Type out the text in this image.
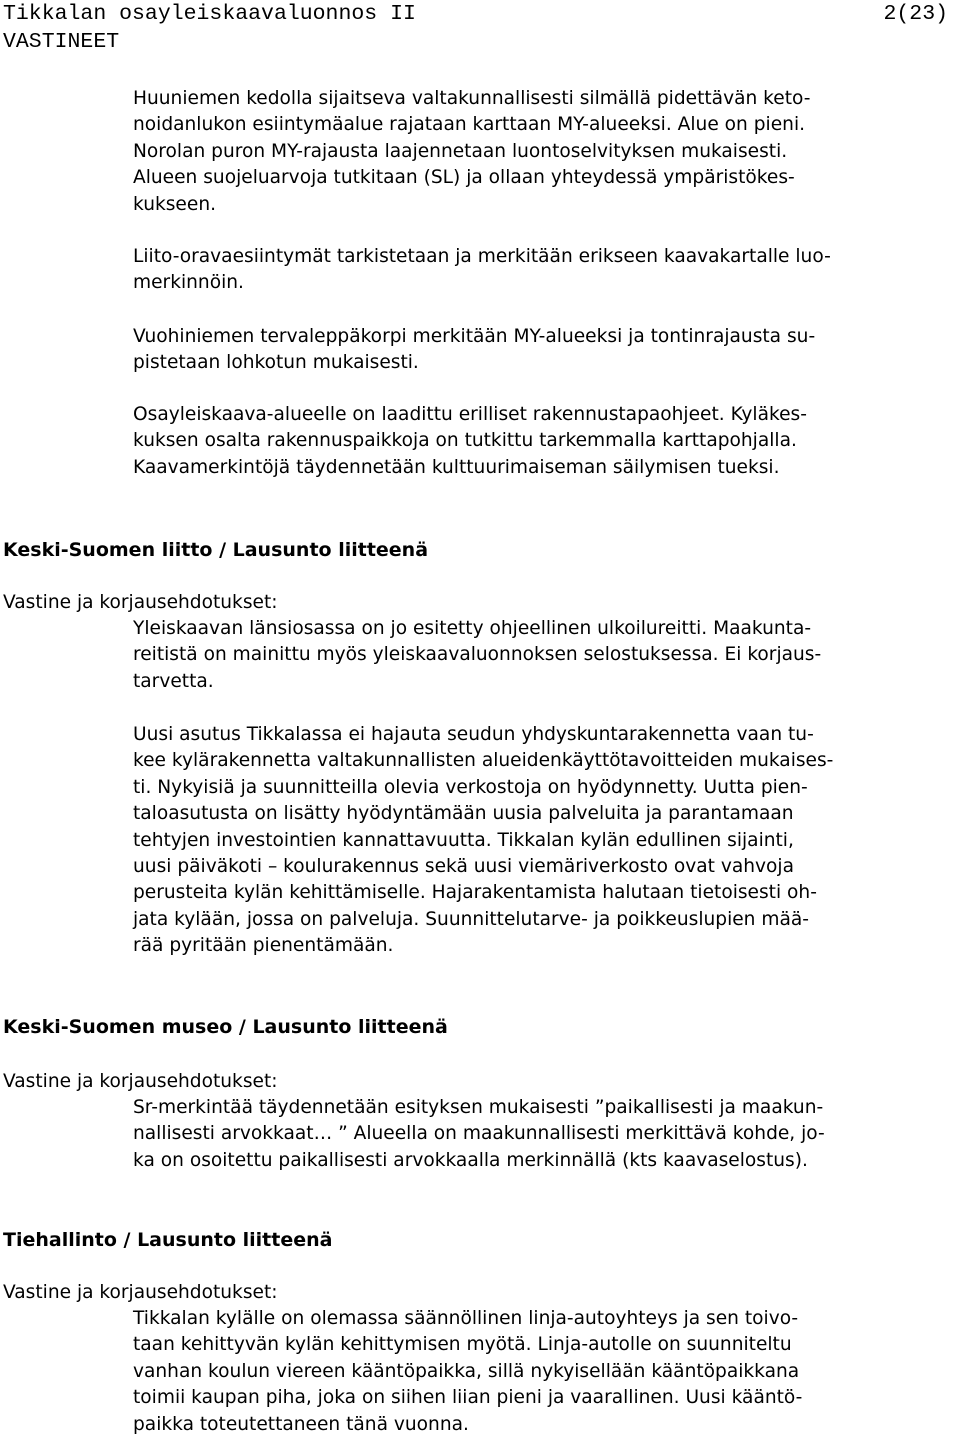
Tikkalan osayleiskaavaluonnos II	2(23)
VASTINEET
Huuniemen kedolla sijaitseva valtakunnallisesti silmällä pidettävän keto-
noidanlukon esiintymäalue rajataan karttaan MY-alueeksi. Alue on pieni.
Norolan puron MY-rajausta laajennetaan luontoselvityksen mukaisesti.
Alueen suojeluarvoja tutkitaan (SL) ja ollaan yhteydessä ympäristökes-
kukseen.
Liito-oravaesiintymät tarkistetaan ja merkitään erikseen kaavakartalle luo-
merkinnöin.
Vuohiniemen tervaleppäkorpi merkitään MY-alueeksi ja tontinrajausta su-
pistetaan lohkotun mukaisesti.
Osayleiskaava-alueelle on laadittu erilliset rakennustapaohjeet. Kyläkes-
kuksen osalta rakennuspaikkoja on tutkittu tarkemmalla karttapohjalla.
Kaavamerkintöjä täydennetään kulttuurimaiseman säilymisen tueksi.
Keski-Suomen liitto / Lausunto liitteenä
Vastine ja korjausehdotukset:
Yleiskaavan länsiosassa on jo esitetty ohjeellinen ulkoilureitti. Maakunta-
reitistä on mainittu myös yleiskaavaluonnoksen selostuksessa. Ei korjaus-
tarvetta.
Uusi asutus Tikkalassa ei hajauta seudun yhdyskuntarakennetta vaan tu-
kee kylärakennetta valtakunnallisten alueidenkäyttötavoitteiden mukaises-
ti. Nykyisiä ja suunnitteilla olevia verkostoja on hyödynnetty. Uutta pien-
taloasutusta on lisätty hyödyntämään uusia palveluita ja parantamaan
tehtyjen investointien kannattavuutta. Tikkalan kylän edullinen sijainti,
uusi päiväkoti – koulurakennus sekä uusi viemäriverkosto ovat vahvoja
perusteita kylän kehittämiselle. Hajarakentamista halutaan tietoisesti oh-
jata kylään, jossa on palveluja. Suunnittelutarve- ja poikkeuslupien mää-
rää pyritään pienentämään.
Keski-Suomen museo / Lausunto liitteenä
Vastine ja korjausehdotukset:
Sr-merkintää täydennetään esityksen mukaisesti ”paikallisesti ja maakun-
nallisesti arvokkaat… ” Alueella on maakunnallisesti merkittävä kohde, jo-
ka on osoitettu paikallisesti arvokkaalla merkinnällä (kts kaavaselostus).
Tiehallinto / Lausunto liitteenä
Vastine ja korjausehdotukset:
Tikkalan kylälle on olemassa säännöllinen linja-autoyhteys ja sen toivo-
taan kehittyvän kylän kehittymisen myötä. Linja-autolle on suunniteltu
vanhan koulun viereen kääntöpaikka, sillä nykyisellään kääntöpaikkana
toimii kaupan piha, joka on siihen liian pieni ja vaarallinen. Uusi kääntö-
paikka toteutettaneen tänä vuonna.
